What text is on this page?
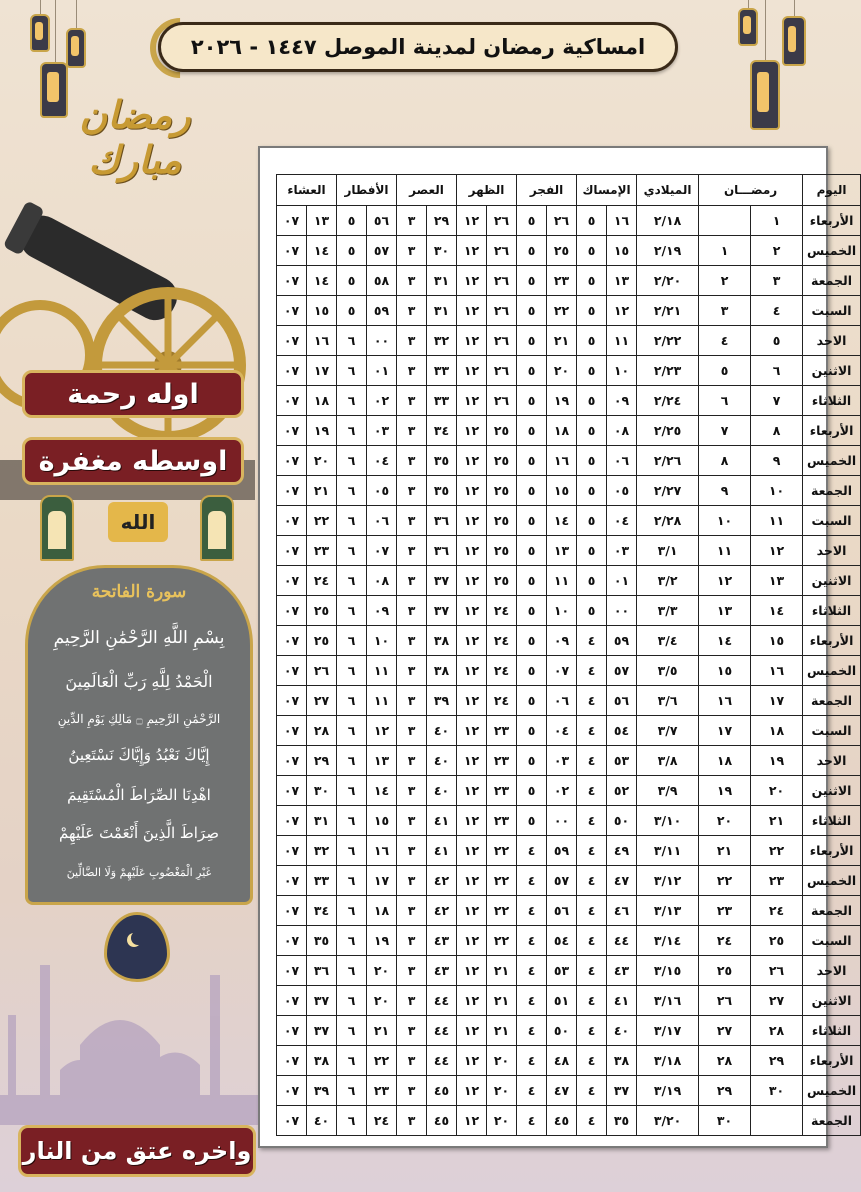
امساكية رمضان لمدينة الموصل ١٤٤٧ - ٢٠٢٦
رمضان مبارك
اوله رحمة
اوسطه مغفرة
الله
سورة الفاتحة
بِسْمِ اللَّهِ الرَّحْمَٰنِ الرَّحِيمِ
الْحَمْدُ لِلَّهِ رَبِّ الْعَالَمِينَ
الرَّحْمَٰنِ الرَّحِيمِ ۝ مَالِكِ يَوْمِ الدِّينِ
إِيَّاكَ نَعْبُدُ وَإِيَّاكَ نَسْتَعِينُ
اهْدِنَا الصِّرَاطَ الْمُسْتَقِيمَ
صِرَاطَ الَّذِينَ أَنْعَمْتَ عَلَيْهِمْ
غَيْرِ الْمَغْضُوبِ عَلَيْهِمْ وَلَا الضَّالِّينَ
واخره عتق من النار
اليوم	رمضـــان		الميلادي	الإمساك		الفجر		الظهر		العصر		الأفطار		العشاء	
الأربعاء	١		٢/١٨	١٦	٥	٢٦	٥	٢٦	١٢	٢٩	٣	٥٦	٥	١٣	٠٧
الخميس	٢	١	٢/١٩	١٥	٥	٢٥	٥	٢٦	١٢	٣٠	٣	٥٧	٥	١٤	٠٧
الجمعة	٣	٢	٢/٢٠	١٣	٥	٢٣	٥	٢٦	١٢	٣١	٣	٥٨	٥	١٤	٠٧
السبت	٤	٣	٢/٢١	١٢	٥	٢٢	٥	٢٦	١٢	٣١	٣	٥٩	٥	١٥	٠٧
الاحد	٥	٤	٢/٢٢	١١	٥	٢١	٥	٢٦	١٢	٣٢	٣	٠٠	٦	١٦	٠٧
الاثنين	٦	٥	٢/٢٣	١٠	٥	٢٠	٥	٢٦	١٢	٣٣	٣	٠١	٦	١٧	٠٧
الثلاثاء	٧	٦	٢/٢٤	٠٩	٥	١٩	٥	٢٦	١٢	٣٣	٣	٠٢	٦	١٨	٠٧
الأربعاء	٨	٧	٢/٢٥	٠٨	٥	١٨	٥	٢٥	١٢	٣٤	٣	٠٣	٦	١٩	٠٧
الخميس	٩	٨	٢/٢٦	٠٦	٥	١٦	٥	٢٥	١٢	٣٥	٣	٠٤	٦	٢٠	٠٧
الجمعة	١٠	٩	٢/٢٧	٠٥	٥	١٥	٥	٢٥	١٢	٣٥	٣	٠٥	٦	٢١	٠٧
السبت	١١	١٠	٢/٢٨	٠٤	٥	١٤	٥	٢٥	١٢	٣٦	٣	٠٦	٦	٢٢	٠٧
الاحد	١٢	١١	٣/١	٠٣	٥	١٣	٥	٢٥	١٢	٣٦	٣	٠٧	٦	٢٣	٠٧
الاثنين	١٣	١٢	٣/٢	٠١	٥	١١	٥	٢٥	١٢	٣٧	٣	٠٨	٦	٢٤	٠٧
الثلاثاء	١٤	١٣	٣/٣	٠٠	٥	١٠	٥	٢٤	١٢	٣٧	٣	٠٩	٦	٢٥	٠٧
الأربعاء	١٥	١٤	٣/٤	٥٩	٤	٠٩	٥	٢٤	١٢	٣٨	٣	١٠	٦	٢٥	٠٧
الخميس	١٦	١٥	٣/٥	٥٧	٤	٠٧	٥	٢٤	١٢	٣٨	٣	١١	٦	٢٦	٠٧
الجمعة	١٧	١٦	٣/٦	٥٦	٤	٠٦	٥	٢٤	١٢	٣٩	٣	١١	٦	٢٧	٠٧
السبت	١٨	١٧	٣/٧	٥٤	٤	٠٤	٥	٢٣	١٢	٤٠	٣	١٢	٦	٢٨	٠٧
الاحد	١٩	١٨	٣/٨	٥٣	٤	٠٣	٥	٢٣	١٢	٤٠	٣	١٣	٦	٢٩	٠٧
الاثنين	٢٠	١٩	٣/٩	٥٢	٤	٠٢	٥	٢٣	١٢	٤٠	٣	١٤	٦	٣٠	٠٧
الثلاثاء	٢١	٢٠	٣/١٠	٥٠	٤	٠٠	٥	٢٣	١٢	٤١	٣	١٥	٦	٣١	٠٧
الأربعاء	٢٢	٢١	٣/١١	٤٩	٤	٥٩	٤	٢٢	١٢	٤١	٣	١٦	٦	٣٢	٠٧
الخميس	٢٣	٢٢	٣/١٢	٤٧	٤	٥٧	٤	٢٢	١٢	٤٢	٣	١٧	٦	٣٣	٠٧
الجمعة	٢٤	٢٣	٣/١٣	٤٦	٤	٥٦	٤	٢٢	١٢	٤٢	٣	١٨	٦	٣٤	٠٧
السبت	٢٥	٢٤	٣/١٤	٤٤	٤	٥٤	٤	٢٢	١٢	٤٣	٣	١٩	٦	٣٥	٠٧
الاحد	٢٦	٢٥	٣/١٥	٤٣	٤	٥٣	٤	٢١	١٢	٤٣	٣	٢٠	٦	٣٦	٠٧
الاثنين	٢٧	٢٦	٣/١٦	٤١	٤	٥١	٤	٢١	١٢	٤٤	٣	٢٠	٦	٣٧	٠٧
الثلاثاء	٢٨	٢٧	٣/١٧	٤٠	٤	٥٠	٤	٢١	١٢	٤٤	٣	٢١	٦	٣٧	٠٧
الأربعاء	٢٩	٢٨	٣/١٨	٣٨	٤	٤٨	٤	٢٠	١٢	٤٤	٣	٢٢	٦	٣٨	٠٧
الخميس	٣٠	٢٩	٣/١٩	٣٧	٤	٤٧	٤	٢٠	١٢	٤٥	٣	٢٣	٦	٣٩	٠٧
الجمعة		٣٠	٣/٢٠	٣٥	٤	٤٥	٤	٢٠	١٢	٤٥	٣	٢٤	٦	٤٠	٠٧
